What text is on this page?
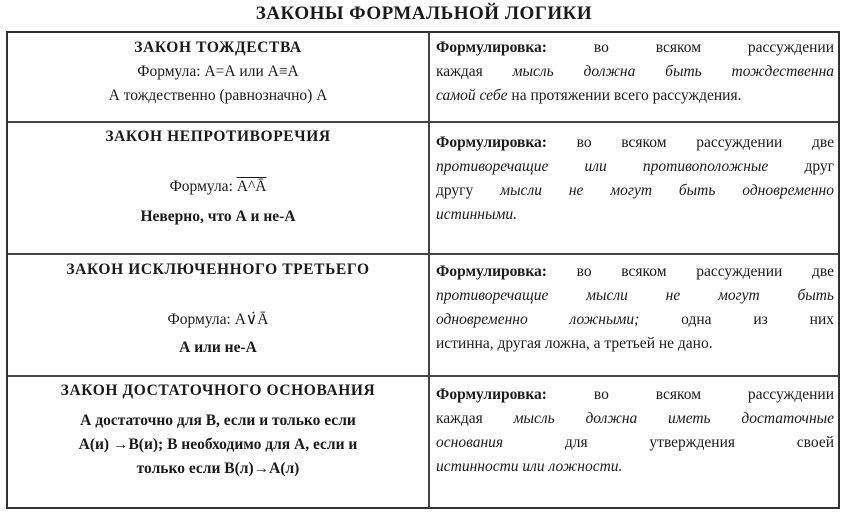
ЗАКОНЫ ФОРМАЛЬНОЙ ЛОГИКИ
ЗАКОН ТОЖДЕСТВА
Формула: А=А или А≡А
А тождественно (равнозначно) А
Формулировка:	во всяком рассуждении
каждая мысль должна быть тождественна
самой себе на протяжении всего рассуждения.
ЗАКОН НЕПРОТИВОРЕЧИЯ
Формула: А^Ā
Неверно, что А и не-А
Формулировка: во всяком рассуждении две
противоречащие или противоположные друг
другу мысли не могут быть одновременно
истинными.
ЗАКОН ИСКЛЮЧЕННОГО ТРЕТЬЕГО
Формула: А∨̇Ā
А или не-А
Формулировка: во всяком рассуждении две
противоречащие мысли не могут быть
одновременно ложными;	одна из них
истинна, другая ложна, а третьей не дано.
ЗАКОН ДОСТАТОЧНОГО ОСНОВАНИЯ
А достаточно для В, если и только если
А(и) →В(и); В необходимо для А, если и
только если В(л)→А(л)
Формулировка:	во всяком рассуждении
каждая мысль должна иметь достаточные
основания	для утверждения своей
истинности или ложности.
